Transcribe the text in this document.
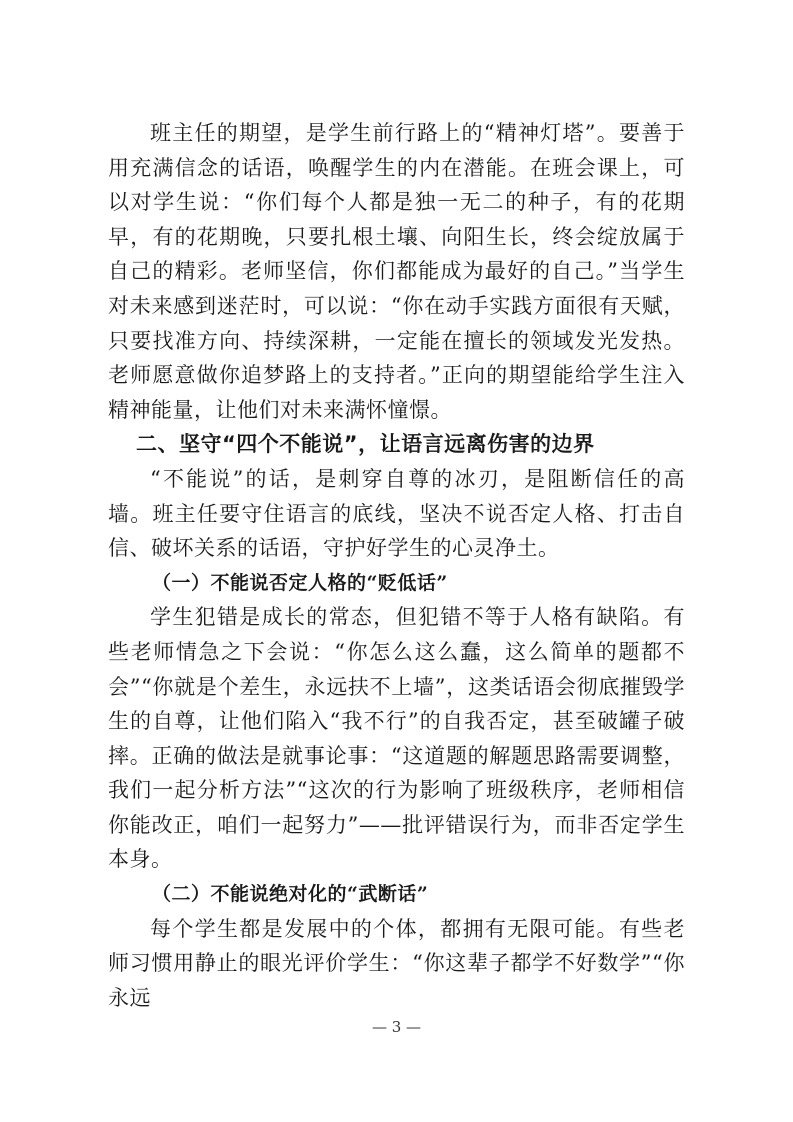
班主任的期望，是学生前行路上的“精神灯塔”。要善于用充满信念的话语，唤醒学生的内在潜能。在班会课上，可以对学生说：“你们每个人都是独一无二的种子，有的花期早，有的花期晚，只要扎根土壤、向阳生长，终会绽放属于自己的精彩。老师坚信，你们都能成为最好的自己。”当学生对未来感到迷茫时，可以说：“你在动手实践方面很有天赋，只要找准方向、持续深耕，一定能在擅长的领域发光发热。老师愿意做你追梦路上的支持者。”正向的期望能给学生注入精神能量，让他们对未来满怀憧憬。

二、坚守“四个不能说”，让语言远离伤害的边界

“不能说”的话，是刺穿自尊的冰刃，是阻断信任的高墙。班主任要守住语言的底线，坚决不说否定人格、打击自信、破坏关系的话语，守护好学生的心灵净土。

（一）不能说否定人格的“贬低话”

学生犯错是成长的常态，但犯错不等于人格有缺陷。有些老师情急之下会说：“你怎么这么蠢，这么简单的题都不会”“你就是个差生，永远扶不上墙”，这类话语会彻底摧毁学生的自尊，让他们陷入“我不行”的自我否定，甚至破罐子破摔。正确的做法是就事论事：“这道题的解题思路需要调整，我们一起分析方法”“这次的行为影响了班级秩序，老师相信你能改正，咱们一起努力”——批评错误行为，而非否定学生本身。

（二）不能说绝对化的“武断话”

每个学生都是发展中的个体，都拥有无限可能。有些老师习惯用静止的眼光评价学生：“你这辈子都学不好数学”“你永远

— 3 —
